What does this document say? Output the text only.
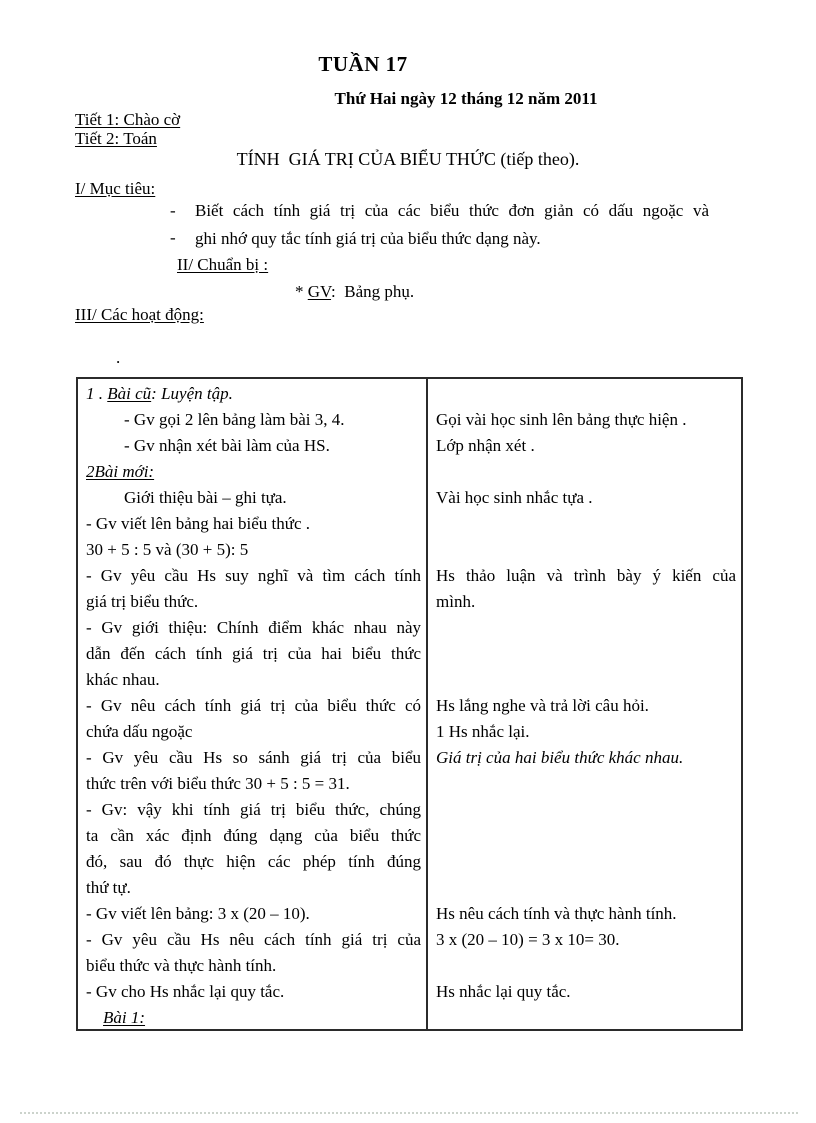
TUẦN 17
Thứ Hai ngày 12 tháng 12 năm 2011
Tiết 1: Chào cờ
Tiết 2: Toán
TÍNH  GIÁ TRỊ CỦA BIỂU THỨC (tiếp theo).
I/ Mục tiêu:
- Biết cách tính giá trị của các biểu thức đơn giản có dấu ngoặc và
- ghi nhớ quy tắc tính giá trị của biểu thức dạng này.
II/ Chuẩn bị :
* GV:  Bảng phụ.
III/ Các hoạt động:
.
1 . Bài cũ: Luyện tập.
- Gv gọi 2 lên bảng làm bài 3, 4.
- Gv nhận xét bài làm của HS.
2Bài mới:
Giới thiệu bài – ghi tựa.
- Gv viết lên bảng hai biểu thức .
30 + 5 : 5 và (30 + 5): 5
- Gv yêu cầu Hs suy nghĩ và tìm cách tính
giá trị biểu thức.
- Gv giới thiệu: Chính điểm khác nhau này
dẫn đến cách tính giá trị của hai biểu thức
khác nhau.
- Gv nêu cách tính giá trị của biểu thức có
chứa dấu ngoặc
- Gv yêu cầu Hs so sánh giá trị của biểu
thức trên với biểu thức 30 + 5 : 5 = 31.
- Gv: vậy khi tính giá trị biểu thức, chúng
ta cần xác định đúng dạng của biểu thức
đó, sau đó thực hiện các phép tính đúng
thứ tự.
- Gv viết lên bảng: 3 x (20 – 10).
- Gv yêu cầu Hs nêu cách tính giá trị của
biểu thức và thực hành tính.
- Gv cho Hs nhắc lại quy tắc.
Bài 1:

Gọi vài học sinh lên bảng thực hiện .
Lớp nhận xét .

Vài học sinh nhắc tựa .

Hs thảo luận và trình bày ý kiến của
mình.

Hs lắng nghe và trả lời câu hỏi.
1 Hs nhắc lại.
Giá trị của hai biểu thức khác nhau.

Hs nêu cách tính và thực hành tính.
3 x (20 – 10) = 3 x 10= 30.

Hs nhắc lại quy tắc.
